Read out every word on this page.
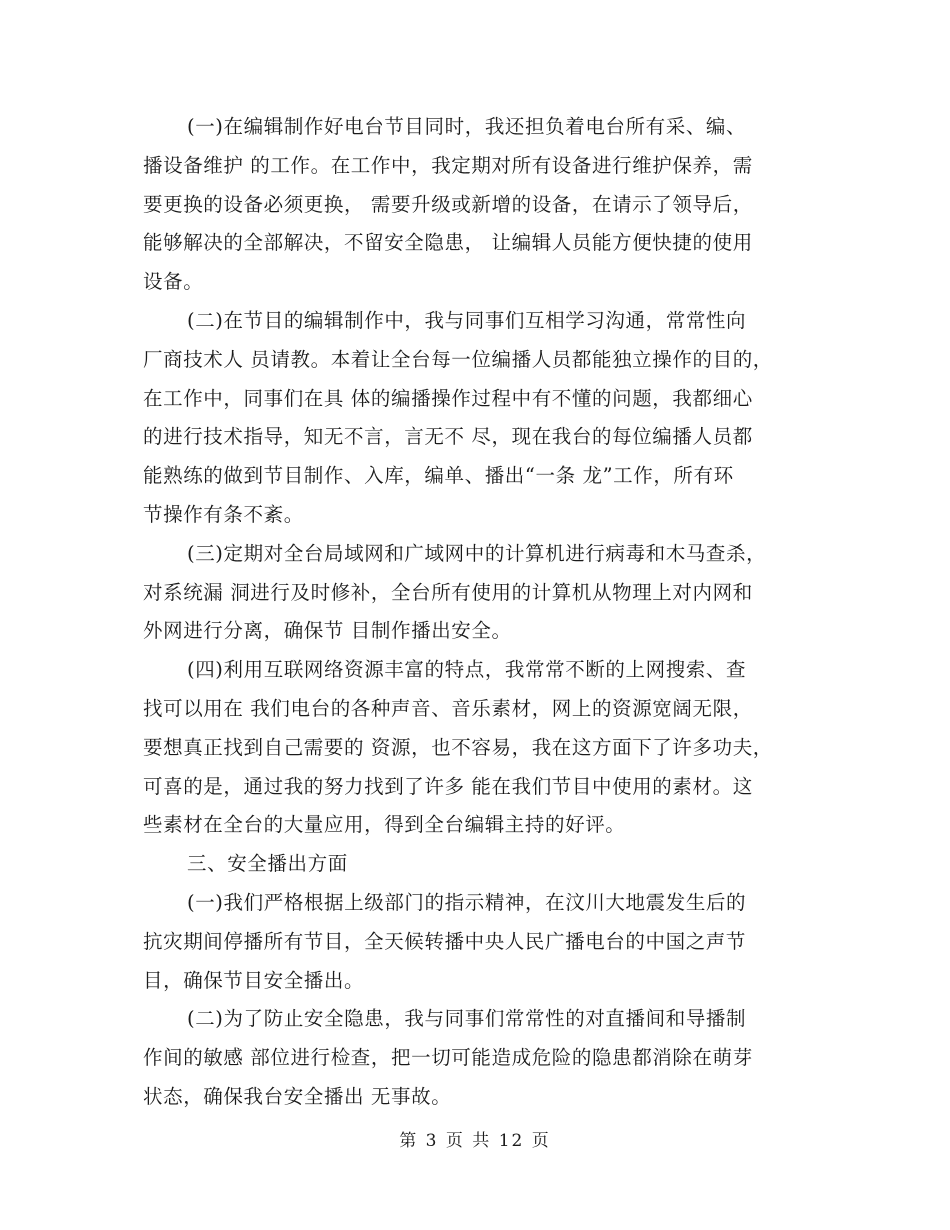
(一)在编辑制作好电台节目同时，我还担负着电台所有采、编、
播设备维护 的工作。在工作中，我定期对所有设备进行维护保养，需
要更换的设备必须更换， 需要升级或新增的设备，在请示了领导后，
能够解决的全部解决，不留安全隐患， 让编辑人员能方便快捷的使用
设备。

(二)在节目的编辑制作中，我与同事们互相学习沟通，常常性向
厂商技术人 员请教。本着让全台每一位编播人员都能独立操作的目的，
在工作中，同事们在具 体的编播操作过程中有不懂的问题，我都细心
的进行技术指导，知无不言，言无不 尽，现在我台的每位编播人员都
能熟练的做到节目制作、入库，编单、播出“一条 龙”工作，所有环
节操作有条不紊。

(三)定期对全台局域网和广域网中的计算机进行病毒和木马查杀，
对系统漏 洞进行及时修补，全台所有使用的计算机从物理上对内网和
外网进行分离，确保节 目制作播出安全。

(四)利用互联网络资源丰富的特点，我常常不断的上网搜索、查
找可以用在 我们电台的各种声音、音乐素材，网上的资源宽阔无限，
要想真正找到自己需要的 资源，也不容易，我在这方面下了许多功夫，
可喜的是，通过我的努力找到了许多 能在我们节目中使用的素材。这
些素材在全台的大量应用，得到全台编辑主持的好评。

三、安全播出方面

(一)我们严格根据上级部门的指示精神，在汶川大地震发生后的
抗灾期间停播所有节目，全天候转播中央人民广播电台的中国之声节
目，确保节目安全播出。

(二)为了防止安全隐患，我与同事们常常性的对直播间和导播制
作间的敏感 部位进行检查，把一切可能造成危险的隐患都消除在萌芽
状态，确保我台安全播出 无事故。

第 3 页 共 12 页
